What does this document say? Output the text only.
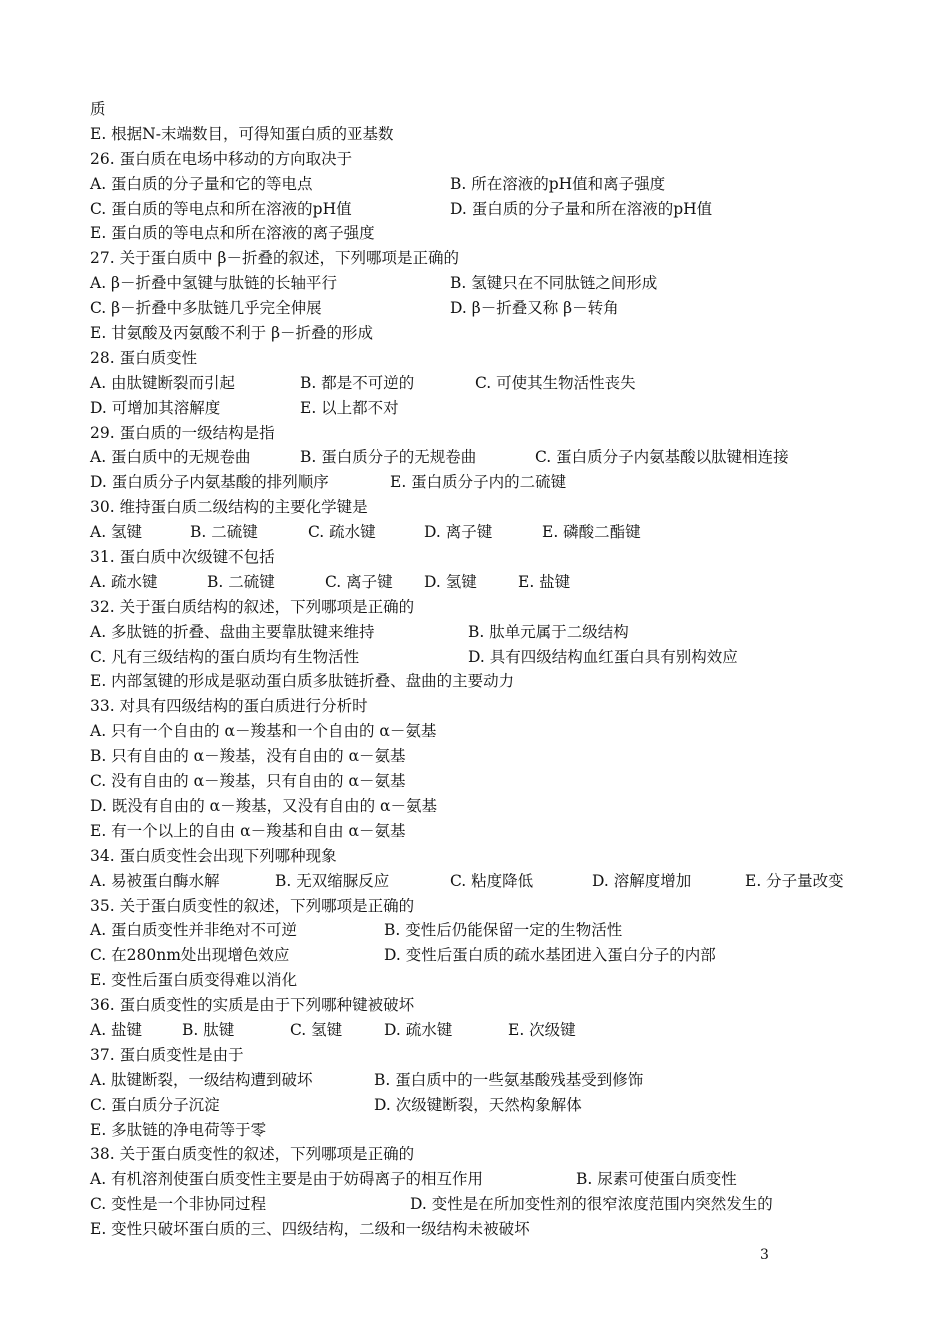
质
E. 根据N-末端数目，可得知蛋白质的亚基数
26. 蛋白质在电场中移动的方向取决于
A. 蛋白质的分子量和它的等电点	B. 所在溶液的pH值和离子强度
C. 蛋白质的等电点和所在溶液的pH值	D. 蛋白质的分子量和所在溶液的pH值
E. 蛋白质的等电点和所在溶液的离子强度
27. 关于蛋白质中 β－折叠的叙述，下列哪项是正确的
A. β－折叠中氢键与肽链的长轴平行	B. 氢键只在不同肽链之间形成
C. β－折叠中多肽链几乎完全伸展	D. β－折叠又称 β－转角
E. 甘氨酸及丙氨酸不利于 β－折叠的形成
28. 蛋白质变性
A. 由肽键断裂而引起	B. 都是不可逆的	C. 可使其生物活性丧失
D. 可增加其溶解度	E. 以上都不对
29. 蛋白质的一级结构是指
A. 蛋白质中的无规卷曲	B. 蛋白质分子的无规卷曲	C. 蛋白质分子内氨基酸以肽键相连接
D. 蛋白质分子内氨基酸的排列顺序	E. 蛋白质分子内的二硫键
30. 维持蛋白质二级结构的主要化学键是
A. 氢键	B. 二硫键	C. 疏水键	D. 离子键	E. 磷酸二酯键
31. 蛋白质中次级键不包括
A. 疏水键	B. 二硫键	C. 离子键 D. 氢键	E. 盐键
32. 关于蛋白质结构的叙述，下列哪项是正确的
A. 多肽链的折叠、盘曲主要靠肽键来维持	B. 肽单元属于二级结构
C. 凡有三级结构的蛋白质均有生物活性	D. 具有四级结构血红蛋白具有别构效应
E. 内部氢键的形成是驱动蛋白质多肽链折叠、盘曲的主要动力
33. 对具有四级结构的蛋白质进行分析时
A. 只有一个自由的 α－羧基和一个自由的 α－氨基
B. 只有自由的 α－羧基，没有自由的 α－氨基
C. 没有自由的 α－羧基，只有自由的 α－氨基
D. 既没有自由的 α－羧基，又没有自由的 α－氨基
E. 有一个以上的自由 α－羧基和自由 α－氨基
34. 蛋白质变性会出现下列哪种现象
A. 易被蛋白酶水解	B. 无双缩脲反应	C. 粘度降低	D. 溶解度增加	E. 分子量改变
35. 关于蛋白质变性的叙述，下列哪项是正确的
A. 蛋白质变性并非绝对不可逆	B. 变性后仍能保留一定的生物活性
C. 在280nm处出现增色效应	D. 变性后蛋白质的疏水基团进入蛋白分子的内部
E. 变性后蛋白质变得难以消化
36. 蛋白质变性的实质是由于下列哪种键被破坏
A. 盐键	B. 肽键	C. 氢键	D. 疏水键	E. 次级键
37. 蛋白质变性是由于
A. 肽键断裂，一级结构遭到破坏	B. 蛋白质中的一些氨基酸残基受到修饰
C. 蛋白质分子沉淀	D. 次级键断裂，天然构象解体
E. 多肽链的净电荷等于零
38. 关于蛋白质变性的叙述，下列哪项是正确的
A. 有机溶剂使蛋白质变性主要是由于妨碍离子的相互作用	B. 尿素可使蛋白质变性
C. 变性是一个非协同过程	D. 变性是在所加变性剂的很窄浓度范围内突然发生的
E. 变性只破坏蛋白质的三、四级结构，二级和一级结构未被破坏
3
